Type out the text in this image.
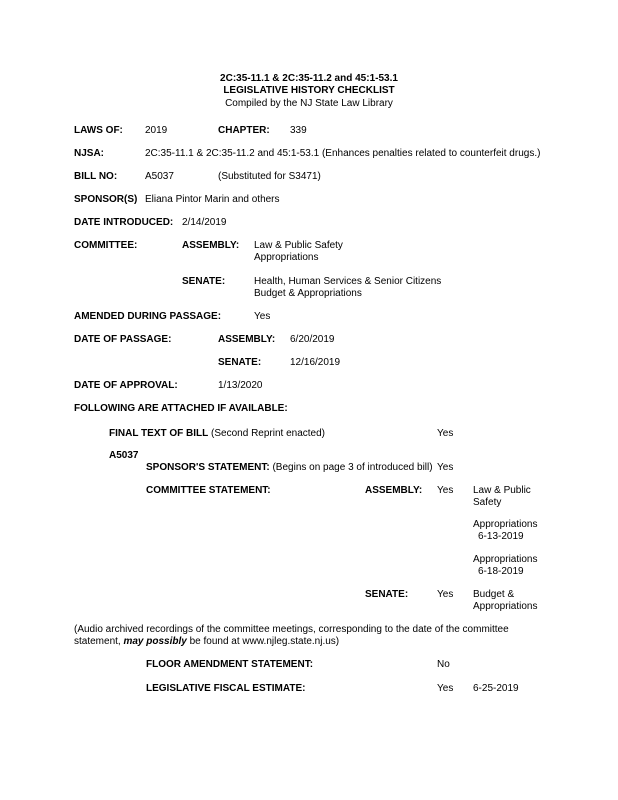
2C:35-11.1 & 2C:35-11.2 and 45:1-53.1
LEGISLATIVE HISTORY CHECKLIST
Compiled by the NJ State Law Library
LAWS OF: 2019	CHAPTER: 339
NJSA:	2C:35-11.1 & 2C:35-11.2 and 45:1-53.1 (Enhances penalties related to counterfeit drugs.)
BILL NO:	A5037	(Substituted for S3471)
SPONSOR(S) Eliana Pintor Marin and others
DATE INTRODUCED: 2/14/2019
COMMITTEE:	ASSEMBLY: Law & Public Safety
Appropriations
SENATE:	Health, Human Services & Senior Citizens
Budget & Appropriations
AMENDED DURING PASSAGE:	Yes
DATE OF PASSAGE:	ASSEMBLY: 6/20/2019
SENATE:	12/16/2019
DATE OF APPROVAL:	1/13/2020
FOLLOWING ARE ATTACHED IF AVAILABLE:
FINAL TEXT OF BILL (Second Reprint enacted)	Yes
A5037
SPONSOR'S STATEMENT: (Begins on page 3 of introduced bill) Yes
COMMITTEE STATEMENT:	ASSEMBLY: Yes Law & Public
Safety
Appropriations
6-13-2019
Appropriations
6-18-2019
SENATE:	Yes Budget &
Appropriations
(Audio archived recordings of the committee meetings, corresponding to the date of the committee
statement, may possibly be found at www.njleg.state.nj.us)
FLOOR AMENDMENT STATEMENT:	No
LEGISLATIVE FISCAL ESTIMATE:	Yes 6-25-2019
